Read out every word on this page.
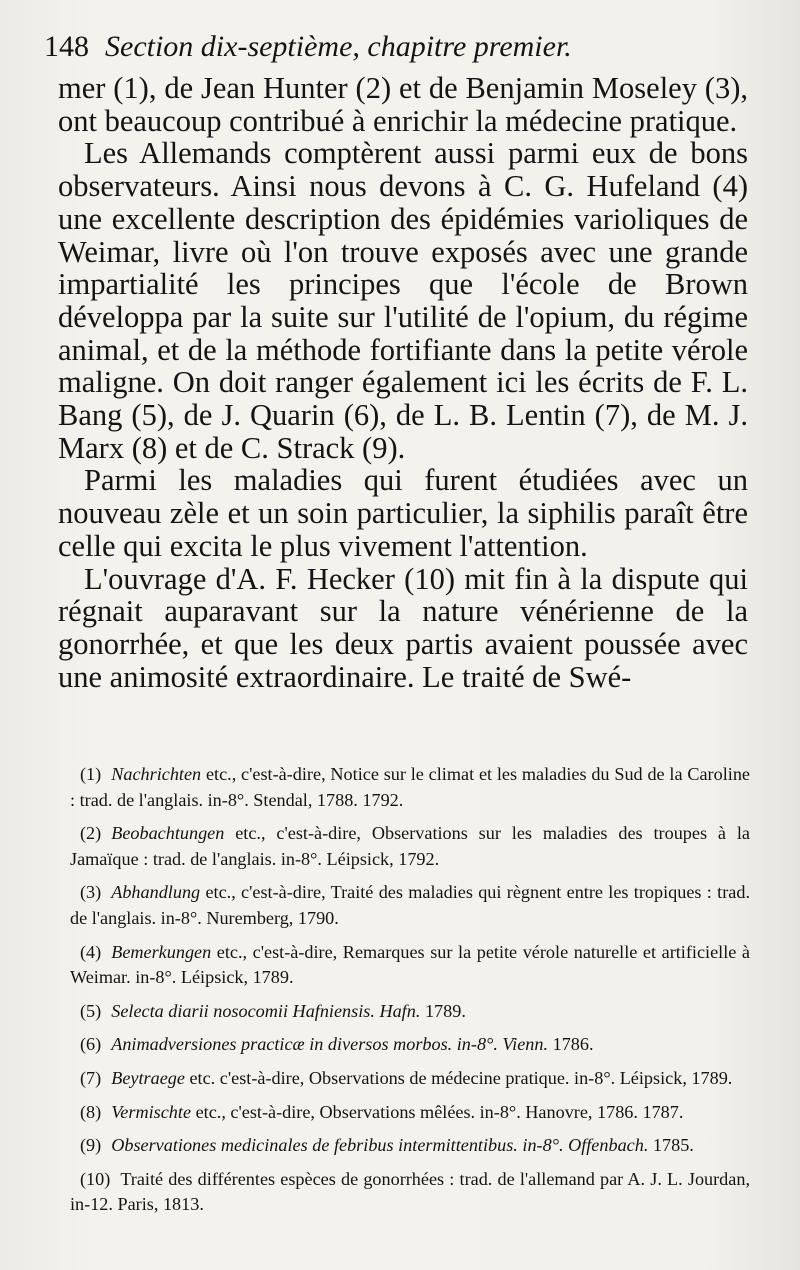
148 Section dix-septième, chapitre premier.

mer (1), de Jean Hunter (2) et de Benjamin Moseley (3), ont beaucoup contribué à enrichir la médecine pratique.

Les Allemands comptèrent aussi parmi eux de bons observateurs. Ainsi nous devons à C. G. Hufeland (4) une excellente description des épidémies varioliques de Weimar, livre où l'on trouve exposés avec une grande impartialité les principes que l'école de Brown développa par la suite sur l'utilité de l'opium, du régime animal, et de la méthode fortifiante dans la petite vérole maligne. On doit ranger également ici les écrits de F. L. Bang (5), de J. Quarin (6), de L. B. Lentin (7), de M. J. Marx (8) et de C. Strack (9).

Parmi les maladies qui furent étudiées avec un nouveau zèle et un soin particulier, la siphilis paraît être celle qui excita le plus vivement l'attention.

L'ouvrage d'A. F. Hecker (10) mit fin à la dispute qui régnait auparavant sur la nature vénérienne de la gonorrhée, et que les deux partis avaient poussée avec une animosité extraordinaire. Le traité de Swé-

(1) Nachrichten etc., c'est-à-dire, Notice sur le climat et les maladies du Sud de la Caroline : trad. de l'anglais. in-8°. Stendal, 1788. 1792.

(2) Beobachtungen etc., c'est-à-dire, Observations sur les maladies des troupes à la Jamaïque : trad. de l'anglais. in-8°. Léipsick, 1792.

(3) Abhandlung etc., c'est-à-dire, Traité des maladies qui règnent entre les tropiques : trad. de l'anglais. in-8°. Nuremberg, 1790.

(4) Bemerkungen etc., c'est-à-dire, Remarques sur la petite vérole naturelle et artificielle à Weimar. in-8°. Léipsick, 1789.

(5) Selecta diarii nosocomii Hafniensis. Hafn. 1789.

(6) Animadversiones practicæ in diversos morbos. in-8°. Vienn. 1786.

(7) Beytraege etc. c'est-à-dire, Observations de médecine pratique. in-8°. Léipsick, 1789.

(8) Vermischte etc., c'est-à-dire, Observations mêlées. in-8°. Hanovre, 1786. 1787.

(9) Observationes medicinales de febribus intermittentibus. in-8°. Offenbach. 1785.

(10) Traité des différentes espèces de gonorrhées : trad. de l'allemand par A. J. L. Jourdan, in-12. Paris, 1813.
